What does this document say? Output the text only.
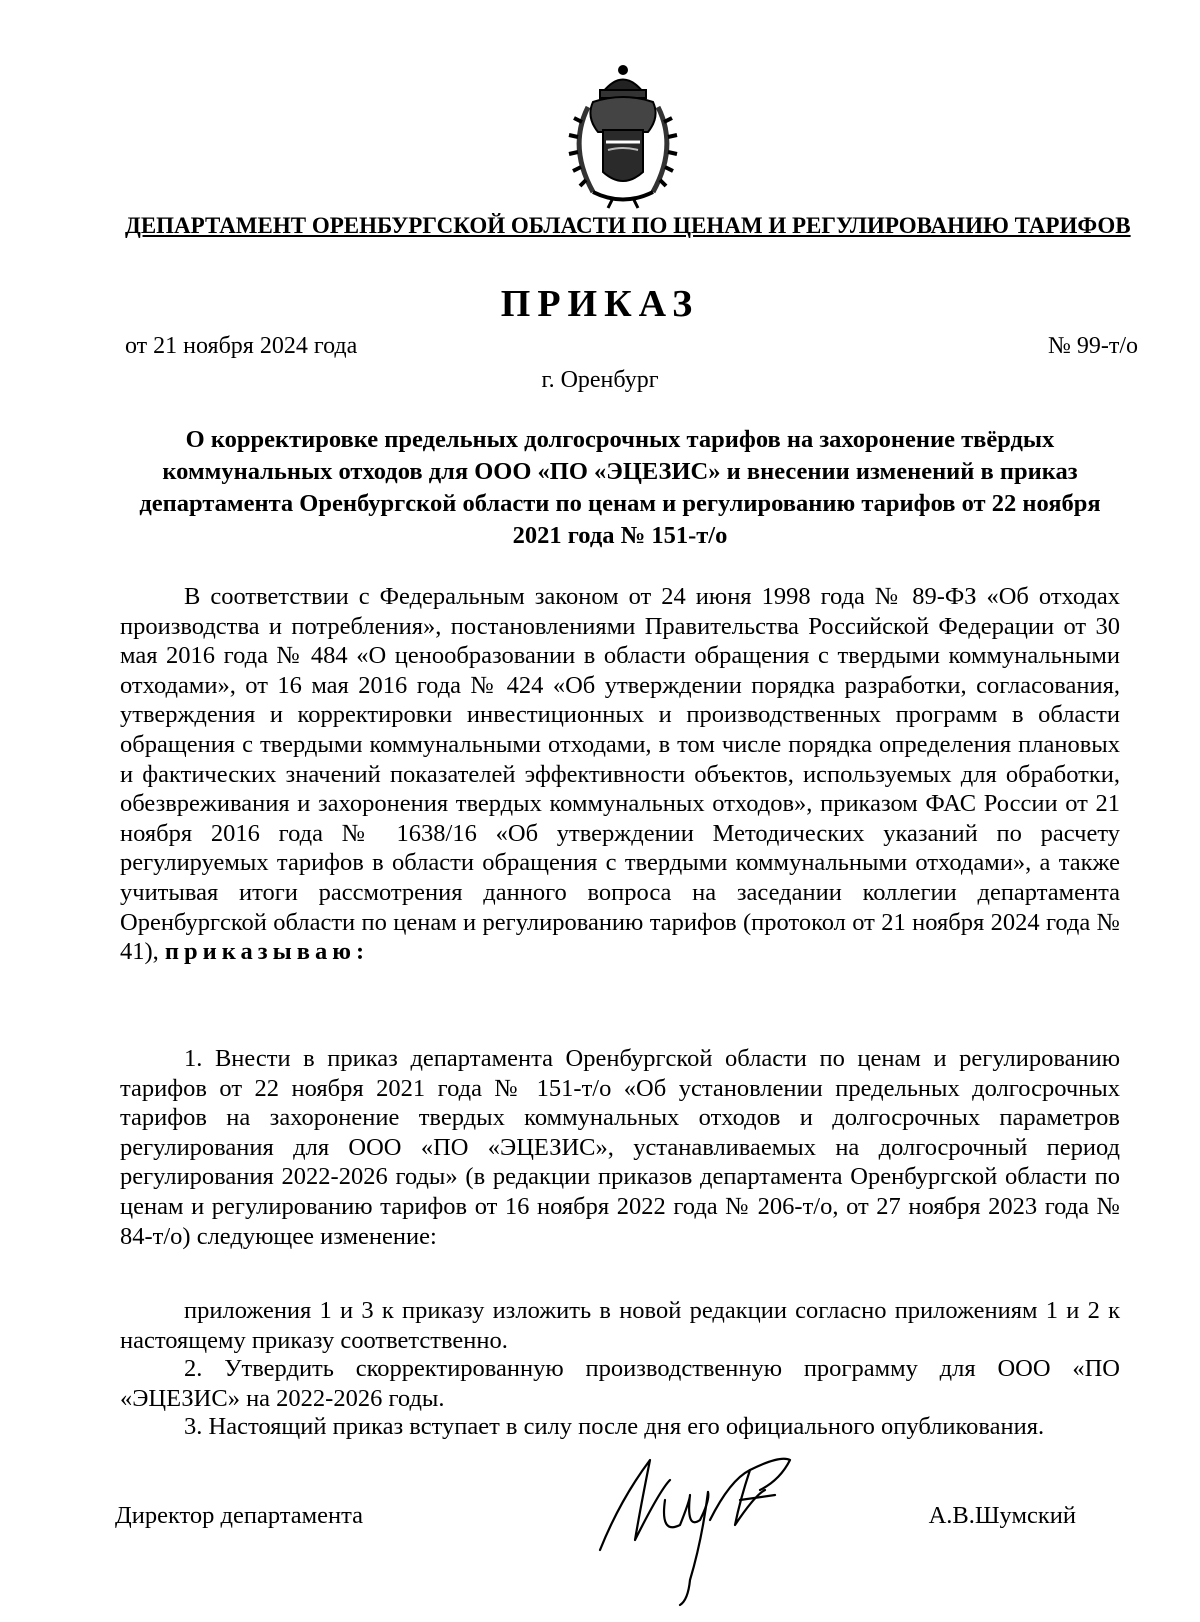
ДЕПАРТАМЕНТ ОРЕНБУРГСКОЙ ОБЛАСТИ ПО ЦЕНАМ И РЕГУЛИРОВАНИЮ ТАРИФОВ
ПРИКАЗ
от 21 ноября 2024 года	№ 99-т/о
г. Оренбург
О корректировке предельных долгосрочных тарифов на захоронение твёрдых коммунальных отходов для ООО «ПО «ЭЦЕЗИС» и внесении изменений в приказ департамента Оренбургской области по ценам и регулированию тарифов от 22 ноября 2021 года № 151-т/о
В соответствии с Федеральным законом от 24 июня 1998 года № 89-ФЗ «Об отходах производства и потребления», постановлениями Правительства Российской Федерации от 30 мая 2016 года № 484 «О ценообразовании в области обращения с твердыми коммунальными отходами», от 16 мая 2016 года № 424 «Об утверждении порядка разработки, согласования, утверждения и корректировки инвестиционных и производственных программ в области обращения с твердыми коммунальными отходами, в том числе порядка определения плановых и фактических значений показателей эффективности объектов, используемых для обработки, обезвреживания и захоронения твердых коммунальных отходов», приказом ФАС России от 21 ноября 2016 года № 1638/16 «Об утверждении Методических указаний по расчету регулируемых тарифов в области обращения с твердыми коммунальными отходами», а также учитывая итоги рассмотрения данного вопроса на заседании коллегии департамента Оренбургской области по ценам и регулированию тарифов (протокол от 21 ноября 2024 года № 41), приказываю:
1. Внести в приказ департамента Оренбургской области по ценам и регулированию тарифов от 22 ноября 2021 года № 151-т/о «Об установлении предельных долгосрочных тарифов на захоронение твердых коммунальных отходов и долгосрочных параметров регулирования для ООО «ПО «ЭЦЕЗИС», устанавливаемых на долгосрочный период регулирования 2022-2026 годы» (в редакции приказов департамента Оренбургской области по ценам и регулированию тарифов от 16 ноября 2022 года № 206-т/о, от 27 ноября 2023 года № 84-т/о) следующее изменение:
приложения 1 и 3 к приказу изложить в новой редакции согласно приложениям 1 и 2 к настоящему приказу соответственно.
2. Утвердить скорректированную производственную программу для ООО «ПО «ЭЦЕЗИС» на 2022-2026 годы.
3. Настоящий приказ вступает в силу после дня его официального опубликования.
Директор департамента	А.В.Шумский
